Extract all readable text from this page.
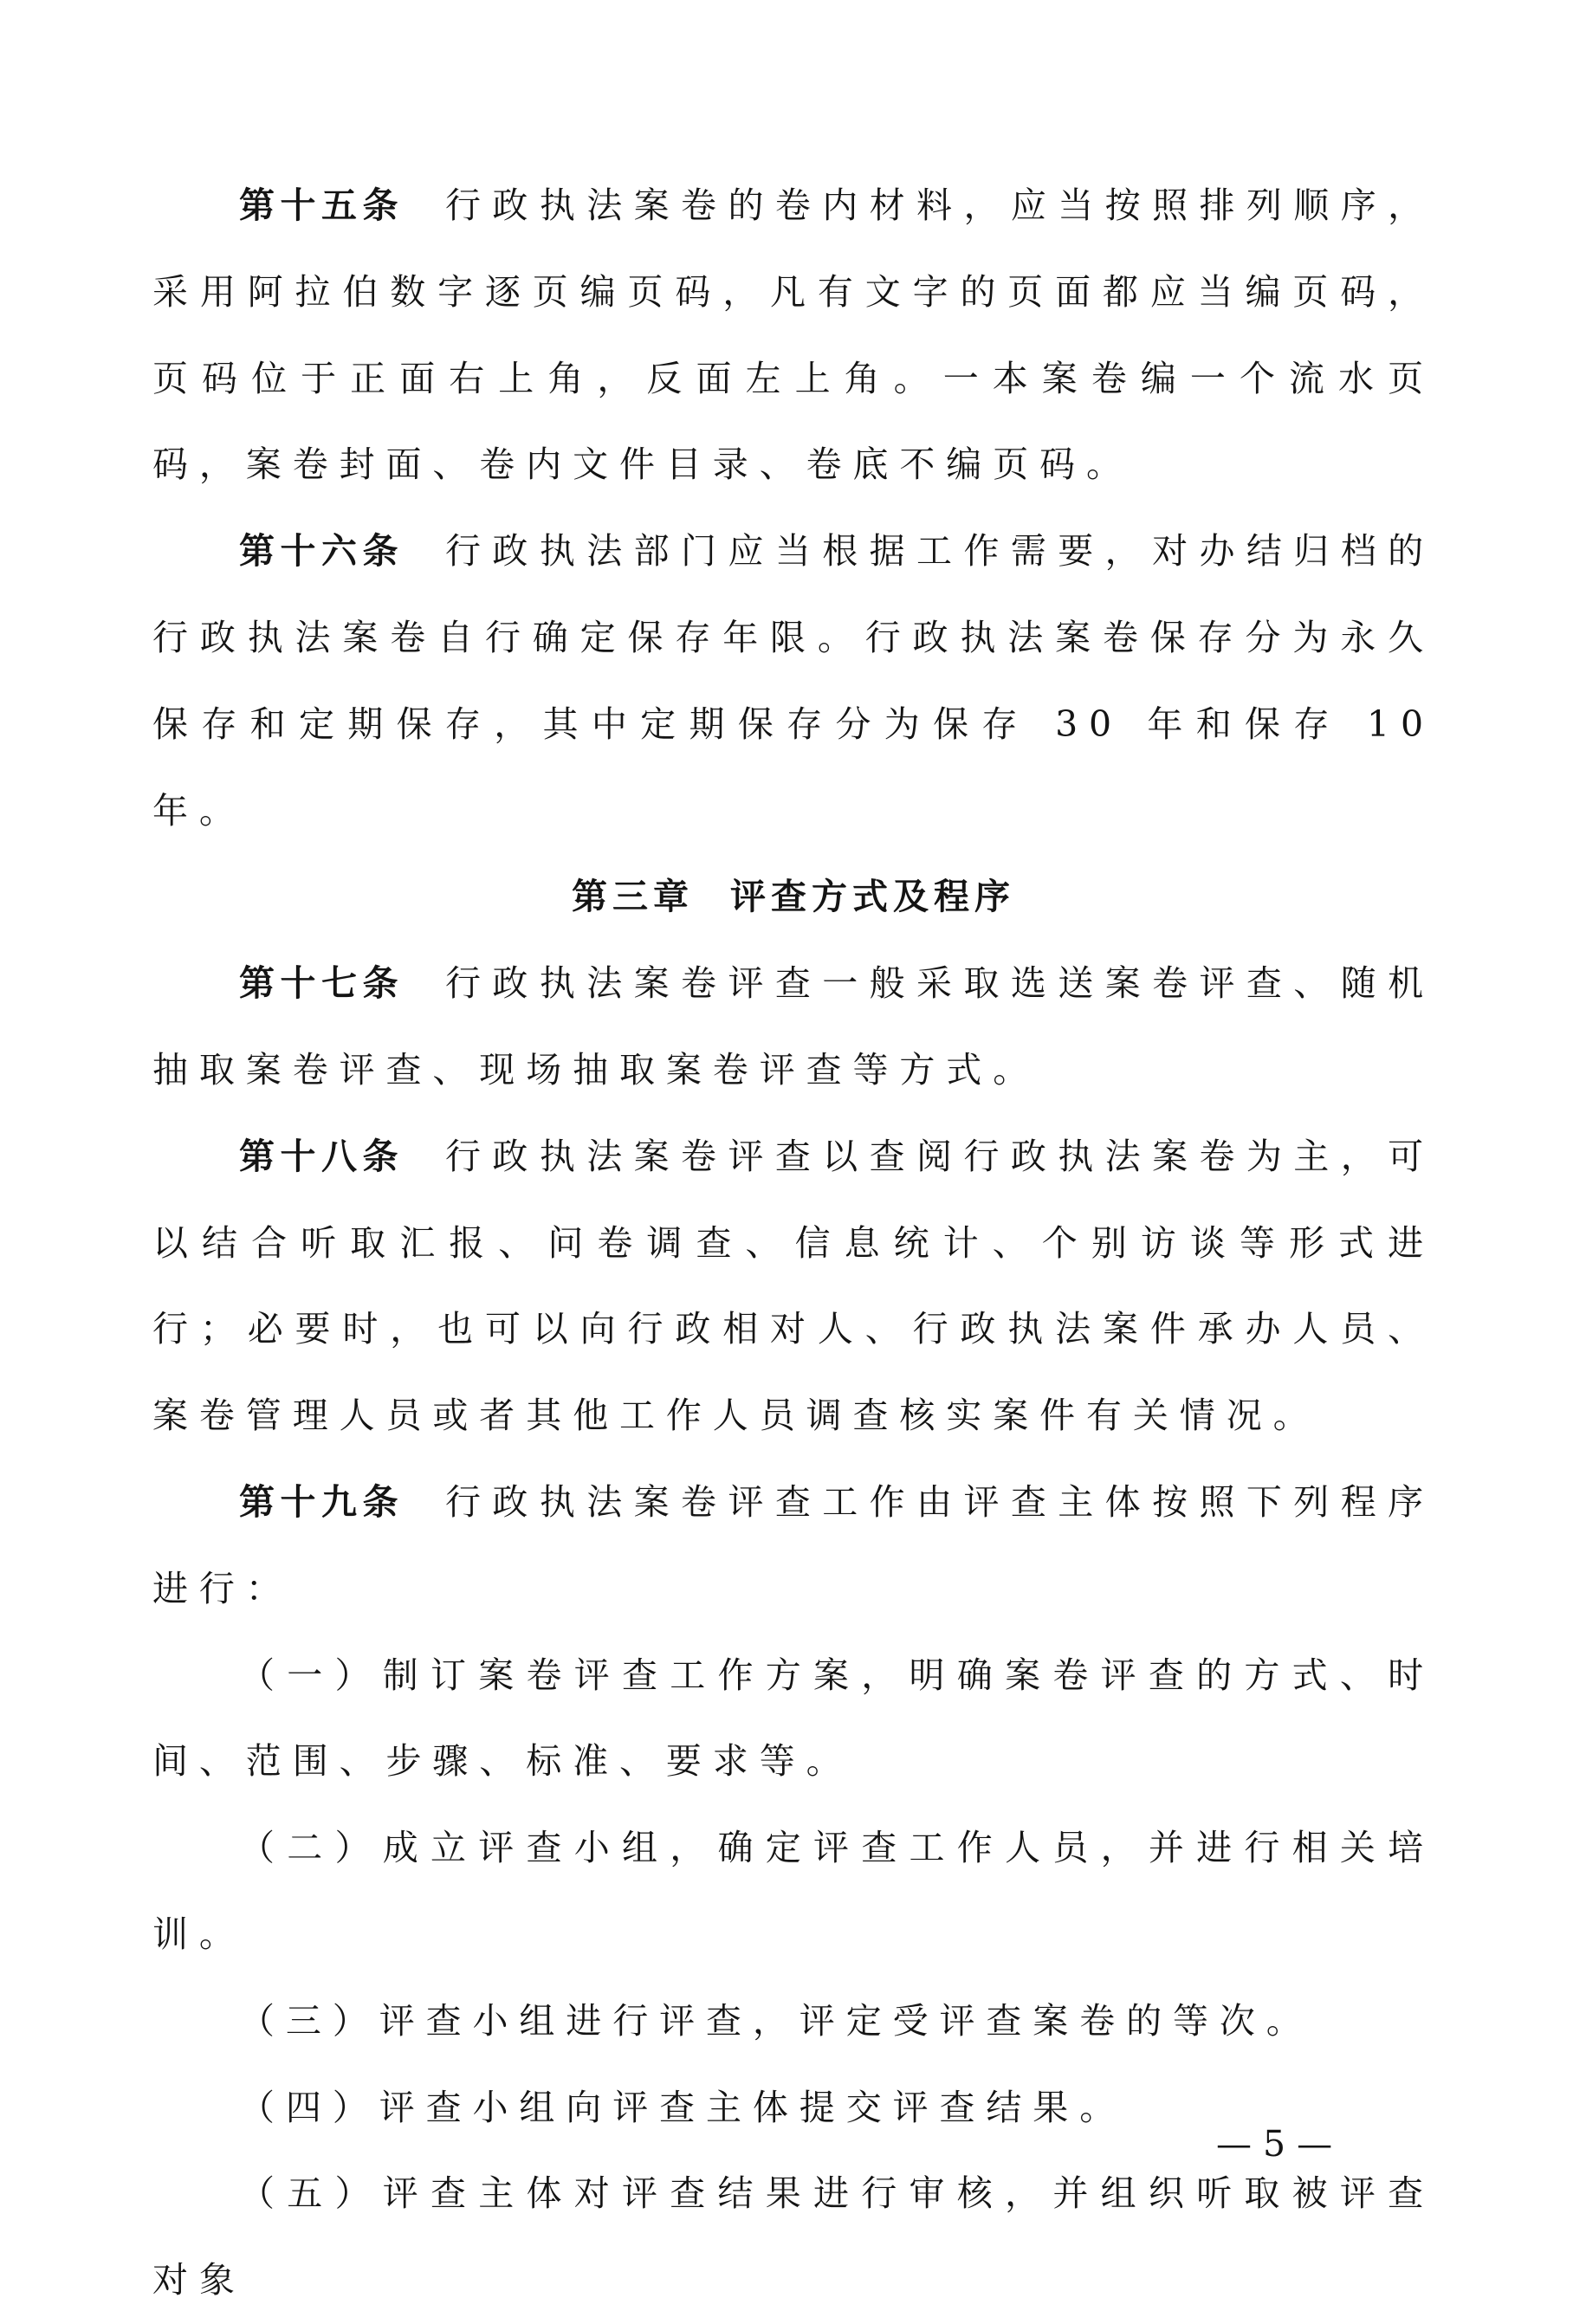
第十五条 行政执法案卷的卷内材料，应当按照排列顺序，采用阿拉伯数字逐页编页码，凡有文字的页面都应当编页码，页码位于正面右上角，反面左上角。一本案卷编一个流水页码，案卷封面、卷内文件目录、卷底不编页码。

第十六条 行政执法部门应当根据工作需要，对办结归档的行政执法案卷自行确定保存年限。行政执法案卷保存分为永久保存和定期保存，其中定期保存分为保存 30 年和保存 10 年。

第三章 评查方式及程序

第十七条 行政执法案卷评查一般采取选送案卷评查、随机抽取案卷评查、现场抽取案卷评查等方式。

第十八条 行政执法案卷评查以查阅行政执法案卷为主，可以结合听取汇报、问卷调查、信息统计、个别访谈等形式进行；必要时，也可以向行政相对人、行政执法案件承办人员、案卷管理人员或者其他工作人员调查核实案件有关情况。

第十九条 行政执法案卷评查工作由评查主体按照下列程序进行：

（一）制订案卷评查工作方案，明确案卷评查的方式、时间、范围、步骤、标准、要求等。

（二）成立评查小组，确定评查工作人员，并进行相关培训。

（三）评查小组进行评查，评定受评查案卷的等次。

（四）评查小组向评查主体提交评查结果。

（五）评查主体对评查结果进行审核，并组织听取被评查对象

— 5 —
